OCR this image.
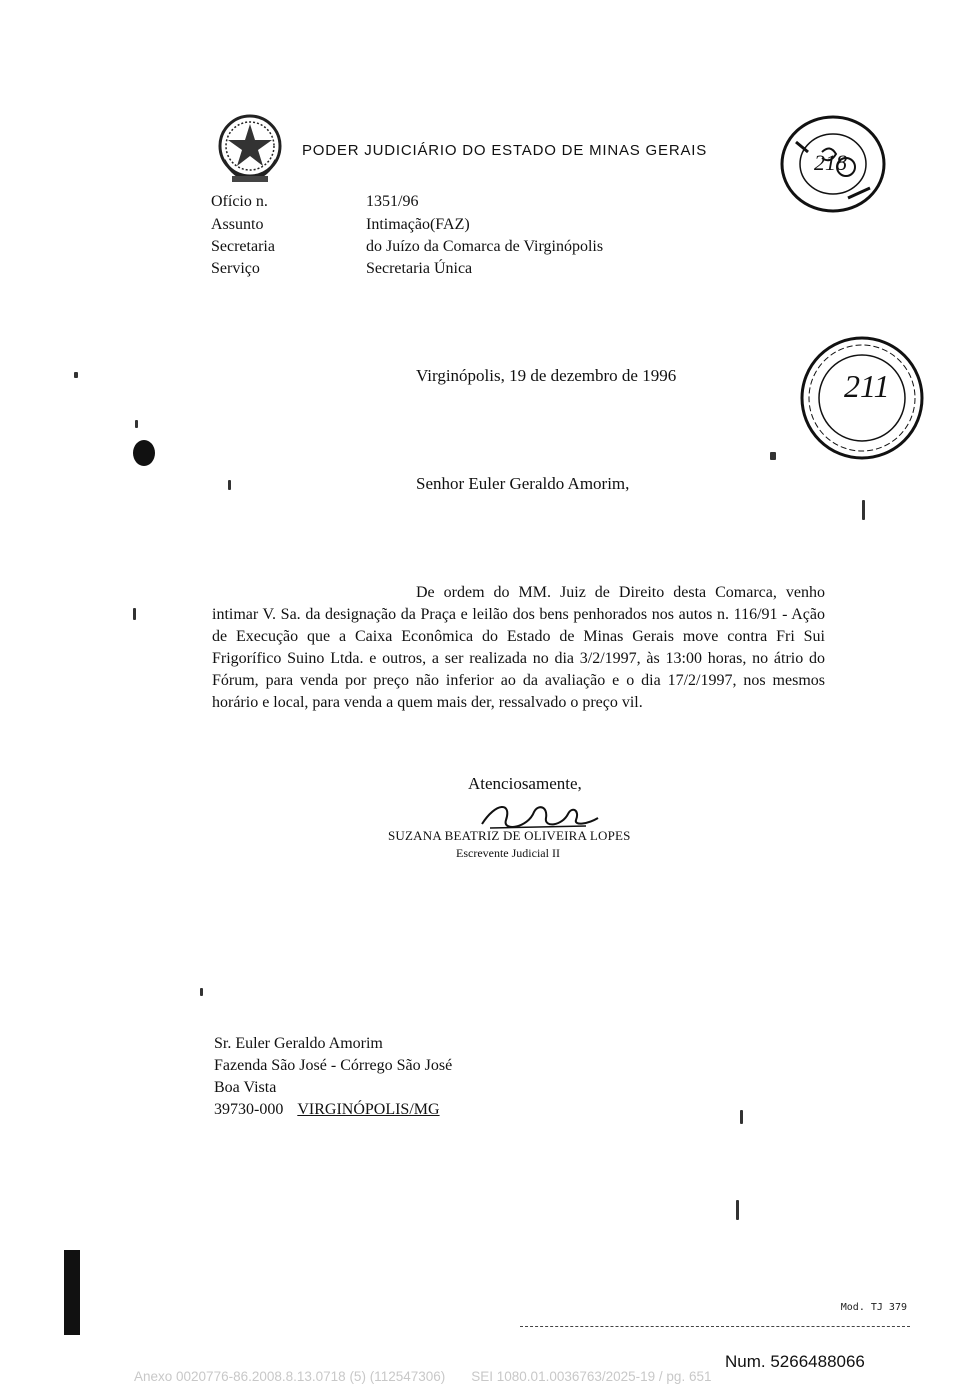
PODER JUDICIÁRIO DO ESTADO DE MINAS GERAIS	218
Ofício n.	1351/96
Assunto	Intimação(FAZ)
Secretaria	do Juízo da Comarca de Virginópolis
Serviço	Secretaria Única
211
Virginópolis, 19 de dezembro de 1996
Senhor Euler Geraldo Amorim,
De ordem do MM. Juiz de Direito desta Comarca, venho intimar V. Sa. da designação da Praça e leilão dos bens penhorados nos autos n. 116/91 - Ação de Execução que a Caixa Econômica do Estado de Minas Gerais move contra Fri Sui Frigorífico Suino Ltda. e outros, a ser realizada no dia 3/2/1997, às 13:00 horas, no átrio do Fórum, para venda por preço não inferior ao da avaliação e o dia 17/2/1997, nos mesmos horário e local, para venda a quem mais der, ressalvado o preço vil.
Atenciosamente,
SUZANA BEATRIZ DE OLIVEIRA LOPES
Escrevente Judicial II
Sr. Euler Geraldo Amorim
Fazenda São José - Córrego São José
Boa Vista
39730-000 VIRGINÓPOLIS/MG
Mod. TJ 379
Num. 5266488066
Anexo 0020776-86.2008.8.13.0718 (5) (112547306) SEI 1080.01.0036763/2025-19 / pg. 651
